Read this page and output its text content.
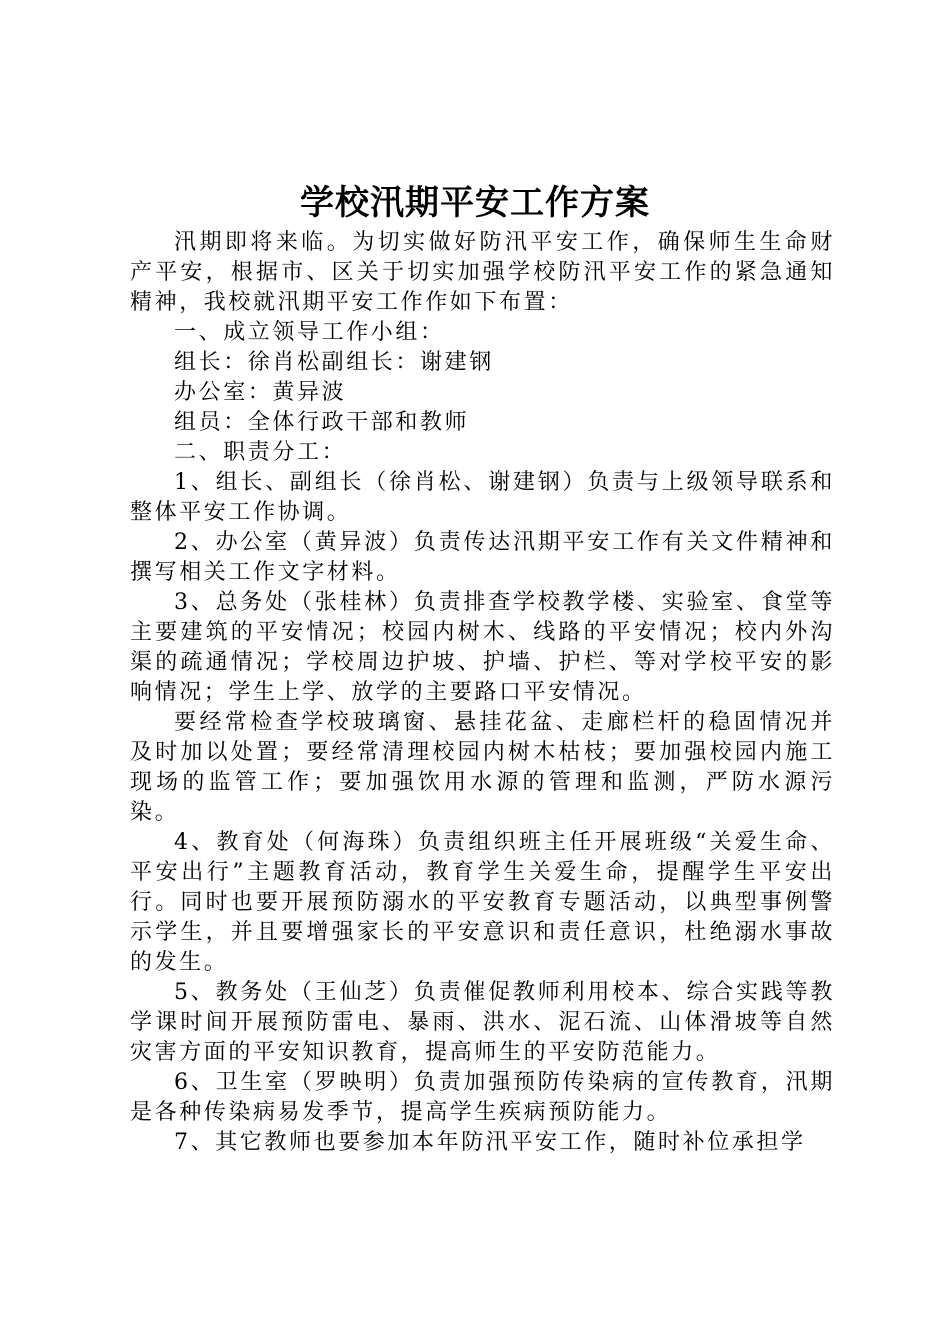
学校汛期平安工作方案

汛期即将来临。为切实做好防汛平安工作，确保师生生命财产平安，根据市、区关于切实加强学校防汛平安工作的紧急通知精神，我校就汛期平安工作作如下布置：

一、成立领导工作小组：

组长：徐肖松副组长：谢建钢

办公室：黄异波

组员：全体行政干部和教师

二、职责分工：

1、组长、副组长（徐肖松、谢建钢）负责与上级领导联系和整体平安工作协调。

2、办公室（黄异波）负责传达汛期平安工作有关文件精神和撰写相关工作文字材料。

3、总务处（张桂林）负责排查学校教学楼、实验室、食堂等主要建筑的平安情况；校园内树木、线路的平安情况；校内外沟渠的疏通情况；学校周边护坡、护墙、护栏、等对学校平安的影响情况；学生上学、放学的主要路口平安情况。

要经常检查学校玻璃窗、悬挂花盆、走廊栏杆的稳固情况并及时加以处置；要经常清理校园内树木枯枝；要加强校园内施工现场的监管工作；要加强饮用水源的管理和监测，严防水源污染。

4、教育处（何海珠）负责组织班主任开展班级“关爱生命、平安出行”主题教育活动，教育学生关爱生命，提醒学生平安出行。同时也要开展预防溺水的平安教育专题活动，以典型事例警示学生，并且要增强家长的平安意识和责任意识，杜绝溺水事故的发生。

5、教务处（王仙芝）负责催促教师利用校本、综合实践等教学课时间开展预防雷电、暴雨、洪水、泥石流、山体滑坡等自然灾害方面的平安知识教育，提高师生的平安防范能力。

6、卫生室（罗映明）负责加强预防传染病的宣传教育，汛期是各种传染病易发季节，提高学生疾病预防能力。

7、其它教师也要参加本年防汛平安工作，随时补位承担学
